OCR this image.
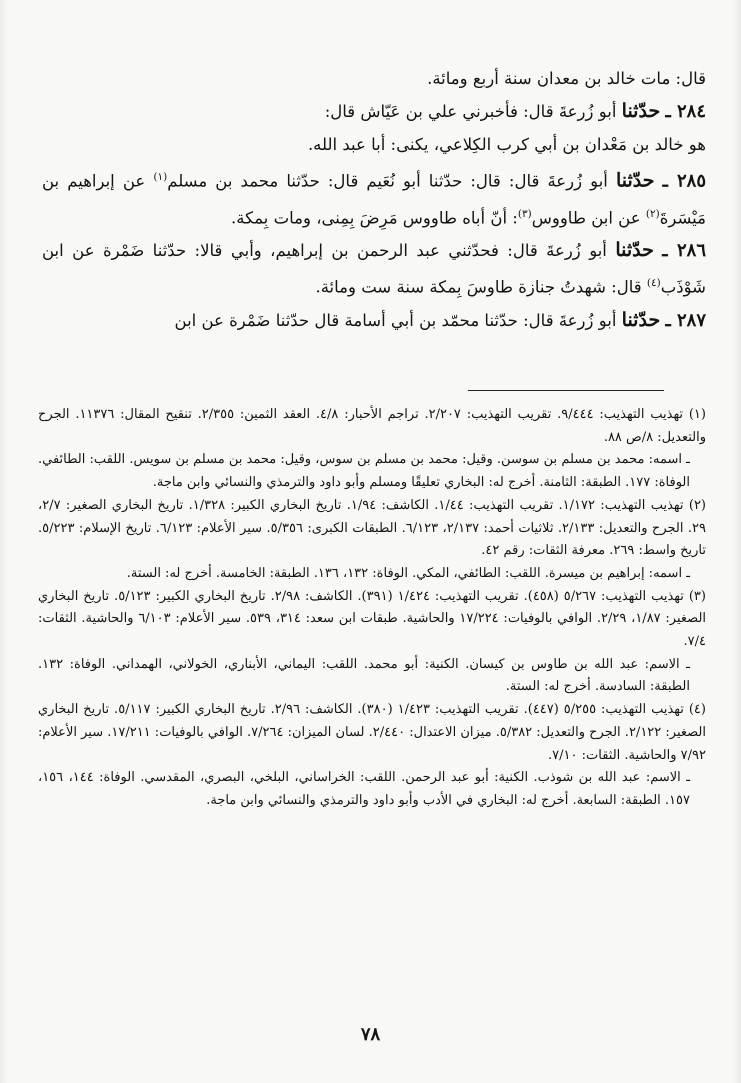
قال: مات خالد بن معدان سنة أربع ومائة.

٢٨٤ ـ حدّثنا أبو زُرعةَ قال: فأخبرني علي بن عَيّاش قال:

هو خالد بن مَعْدان بن أبي كرب الكِلاعي، يكنى: أبا عبد الله.

٢٨٥ ـ حدّثنا أبو زُرعةَ قال: قال: حدّثنا أبو نُعَيم قال: حدّثنا محمد بن مسلم$^{(١)}$ عن إبراهيم بن مَيْسَرةَ$^{(٢)}$ عن ابن طاووس$^{(٣)}$: أنّ أباه طاووس مَرِضَ بِمِنى، ومات بِمكة.

٢٨٦ ـ حدّثنا أبو زُرعةَ قال: فحدّثني عبد الرحمن بن إبراهيم، وأبي قالا: حدّثنا ضَمْرة عن ابن شَوْذَب$^{(٤)}$ قال: شهدتُ جنازة طاوسَ بِمكة سنة ست ومائة.

٢٨٧ ـ حدّثنا أبو زُرعةَ قال: حدّثنا محمّد بن أبي أسامة قال حدّثنا ضَمْرة عن ابن

(١) تهذيب التهذيب: ٩/٤٤٤. تقريب التهذيب: ٢/٢٠٧. تراجم الأحبار: ٤/٨. العقد الثمين: ٢/٣٥٥. تنقيح المقال: ١١٣٧٦. الجرح والتعديل: ٨/ص ٨٨.

ـ اسمه: محمد بن مسلم بن سوسن. وقيل: محمد بن مسلم بن سوس، وقيل: محمد بن مسلم بن سويس. اللقب: الطائفي. الوفاة: ١٧٧. الطبقة: الثامنة. أخرج له: البخاري تعليقًا ومسلم وأبو داود والترمذي والنسائي وابن ماجة.

(٢) تهذيب التهذيب: ١/١٧٢. تقريب التهذيب: ١/٤٤. الكاشف: ١/٩٤. تاريخ البخاري الكبير: ١/٣٢٨. تاريخ البخاري الصغير: ٢/٧، ٢٩. الجرح والتعديل: ٢/١٣٣. ثلاثيات أحمد: ٢/١٣٧، ٦/١٢٣. الطبقات الكبرى: ٥/٣٥٦. سير الأعلام: ٦/١٢٣. تاريخ الإسلام: ٥/٢٢٣. تاريخ واسط: ٢٦٩. معرفة الثقات: رقم ٤٢.

ـ اسمه: إبراهيم بن ميسرة. اللقب: الطائفي، المكي. الوفاة: ١٣٢، ١٣٦. الطبقة: الخامسة. أخرج له: الستة.

(٣) تهذيب التهذيب: ٥/٢٦٧ (٤٥٨). تقريب التهذيب: ١/٤٢٤ (٣٩١). الكاشف: ٢/٩٨. تاريخ البخاري الكبير: ٥/١٢٣. تاريخ البخاري الصغير: ١/٨٧، ٢/٢٩. الوافي بالوفيات: ١٧/٢٢٤ والحاشية. طبقات ابن سعد: ٣١٤، ٥٣٩. سير الأعلام: ٦/١٠٣ والحاشية. الثقات: ٧/٤.

ـ الاسم: عبد الله بن طاوس بن كيسان. الكنية: أبو محمد. اللقب: اليماني، الأبناري، الخولاني، الهمداني. الوفاة: ١٣٢. الطبقة: السادسة. أخرج له: الستة.

(٤) تهذيب التهذيب: ٥/٢٥٥ (٤٤٧). تقريب التهذيب: ١/٤٢٣ (٣٨٠). الكاشف: ٢/٩٦. تاريخ البخاري الكبير: ٥/١١٧. تاريخ البخاري الصغير: ٢/١٢٢. الجرح والتعديل: ٥/٣٨٢. ميزان الاعتدال: ٢/٤٤٠. لسان الميزان: ٧/٢٦٤. الوافي بالوفيات: ١٧/٢١١. سير الأعلام: ٧/٩٢ والحاشية. الثقات: ٧/١٠.

ـ الاسم: عبد الله بن شوذب. الكنية: أبو عبد الرحمن. اللقب: الخراساني، البلخي، البصري، المقدسي. الوفاة: ١٤٤، ١٥٦، ١٥٧. الطبقة: السابعة. أخرج له: البخاري في الأدب وأبو داود والترمذي والنسائي وابن ماجة.

٧٨
